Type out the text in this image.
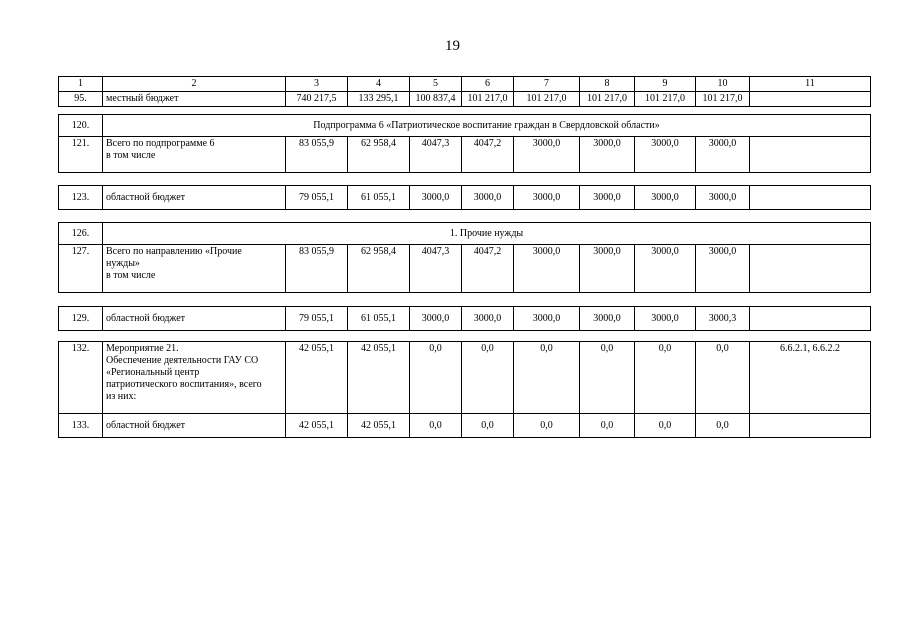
19
1	2	3	4	5	6	7	8	9	10	11
95.	местный бюджет	740 217,5	133 295,1	100 837,4	101 217,0	101 217,0	101 217,0	101 217,0	101 217,0	
120.	Подпрограмма 6 «Патриотическое воспитание граждан в Свердловской области»									
121.	Всего по подпрограмме 6
в том числе	83 055,9	62 958,4	4047,3	4047,2	3000,0	3000,0	3000,0	3000,0	
123.	областной бюджет	79 055,1	61 055,1	3000,0	3000,0	3000,0	3000,0	3000,0	3000,0	
126.	1. Прочие нужды									
127.	Всего по направлению «Прочие
нужды»
в том числе	83 055,9	62 958,4	4047,3	4047,2	3000,0	3000,0	3000,0	3000,0	
129.	областной бюджет	79 055,1	61 055,1	3000,0	3000,0	3000,0	3000,0	3000,0	3000,3	
132.	Мероприятие 21.
Обеспечение деятельности ГАУ СО
«Региональный центр
патриотического воспитания», всего
из них:	42 055,1	42 055,1	0,0	0,0	0,0	0,0	0,0	0,0	6.6.2.1, 6.6.2.2
133.	областной бюджет	42 055,1	42 055,1	0,0	0,0	0,0	0,0	0,0	0,0	
